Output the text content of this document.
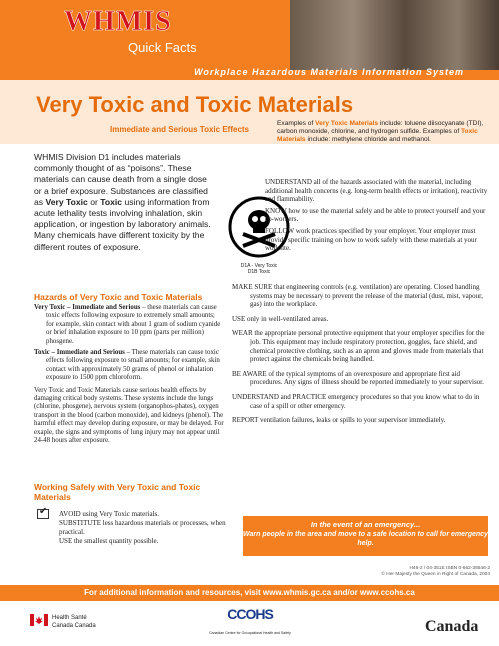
WHMIS
Quick Facts
Workplace Hazardous Materials Information System
Very Toxic and Toxic Materials
Immediate and Serious Toxic Effects
Examples of Very Toxic Materials include: toluene diisocyanate (TDI), carbon monoxide, chlorine, and hydrogen sulfide. Examples of Toxic Materials include: methylene chloride and methanol.
WHMIS Division D1 includes materials commonly thought of as “poisons”. These materials can cause death from a single dose or a brief exposure. Substances are classified as Very Toxic or Toxic using information from acute lethality tests involving inhalation, skin application, or ingestion by laboratory animals. Many chemicals have different toxicity by the different routes of exposure.
D1A - Very Toxic
D1B Toxic

UNDERSTAND all of the hazards associated with the material, including additional health concerns (e.g. long-term health effects or irritation), reactivity and flammability.

KNOW how to use the material safely and be able to protect yourself and your co-workers.

FOLLOW work practices specified by your employer. Your employer must provide specific training on how to work safely with these materials at your worksite.

MAKE SURE that engineering controls (e.g. ventilation) are operating. Closed handling systems may be necessary to prevent the release of the material (dust, mist, vapour, gas) into the workplace.

USE only in well-ventilated areas.

WEAR the appropriate personal protective equipment that your employer specifies for the job. This equipment may include respiratory protection, goggles, face shield, and chemical protective clothing, such as an apron and gloves made from materials that protect against the chemicals being handled.

BE AWARE of the typical symptoms of an overexposure and appropriate first aid procedures. Any signs of illness should be reported immediately to your supervisor.

UNDERSTAND and PRACTICE emergency procedures so that you know what to do in case of a spill or other emergency.

REPORT ventilation failures, leaks or spills to your supervisor immediately.

Hazards of Very Toxic and Toxic Materials

Very Toxic – Immediate and Serious – these materials can cause toxic effects following exposure to extremely small amounts; for example, skin contact with about 1 gram of sodium cyanide or brief inhalation exposure to 10 ppm (parts per million) phosgene.

Toxic – Immediate and Serious – These materials can cause toxic effects following exposure to small amounts; for example, skin contact with approximately 50 grams of phenol or inhalation exposure to 1500 ppm chloroform.

Very Toxic and Toxic Materials cause serious health effects by damaging critical body systems. These systems include the lungs (chlorine, phosgene), nervous system (organophos-phates), oxygen transport in the blood (carbon monoxide), and kidneys (phenol). The harmful effect may develop during exposure, or may be delayed. For exaple, the signs and symptoms of lung injury may not appear until 24-48 hours after exposure.

Working Safely with Very Toxic and Toxic Materials
✔
AVOID using Very Toxic materials.
SUBSTITUTE less hazardous materials or processes, when practical.
USE the smallest quantity possible.
In the event of an emergency...
Warn people in the area and move to a safe location to call for emergency help.
H46-2 / 04-351E ISBN 0-662-38546-2
© Her Majesty the Queen in Right of Canada, 2004
For additional information and resources, visit www.whmis.gc.ca and/or www.ccohs.ca
Health Santé
Canada Canada
CCOHS
Canadian Centre for Occupational Health and Safety	Canada
